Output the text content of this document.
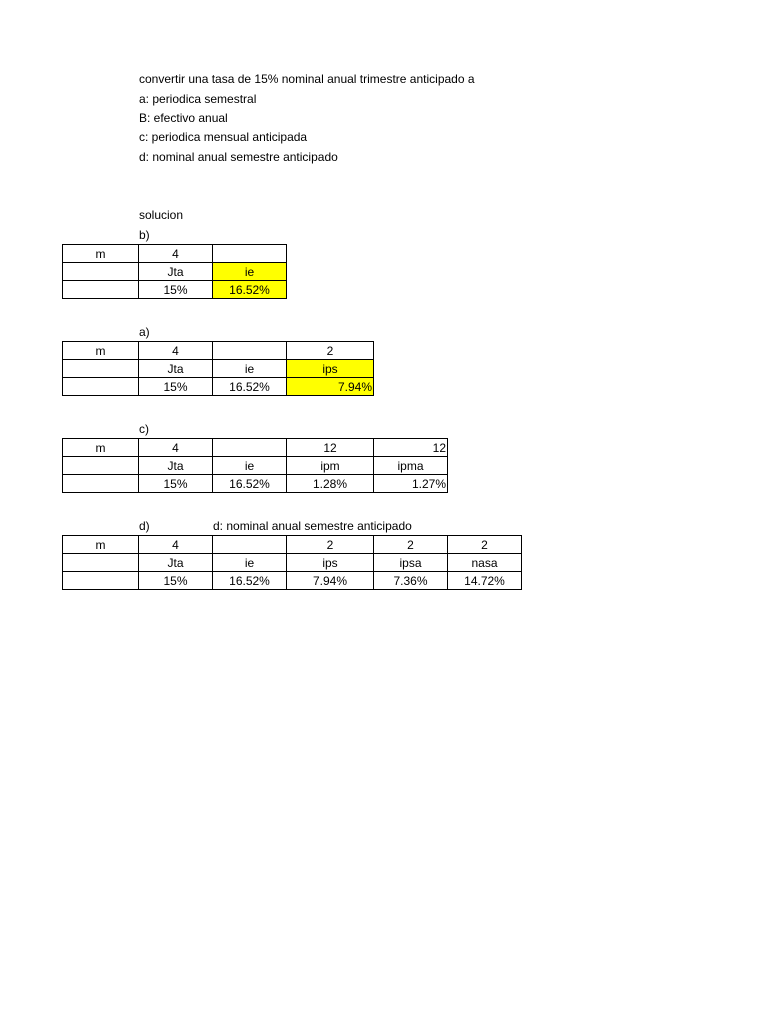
convertir una tasa de 15% nominal anual trimestre anticipado a
a: periodica semestral
B: efectivo anual
c: periodica mensual anticipada
d: nominal anual semestre anticipado
solucion
b)
m	4	
	Jta	ie
	15%	16.52%
a)
m	4		2
	Jta	ie	ips
	15%	16.52%	7.94%
c)
m	4		12	12
	Jta	ie	ipm	ipma
	15%	16.52%	1.28%	1.27%
d)	d: nominal anual semestre anticipado
m	4		2	2	2
	Jta	ie	ips	ipsa	nasa
	15%	16.52%	7.94%	7.36%	14.72%
